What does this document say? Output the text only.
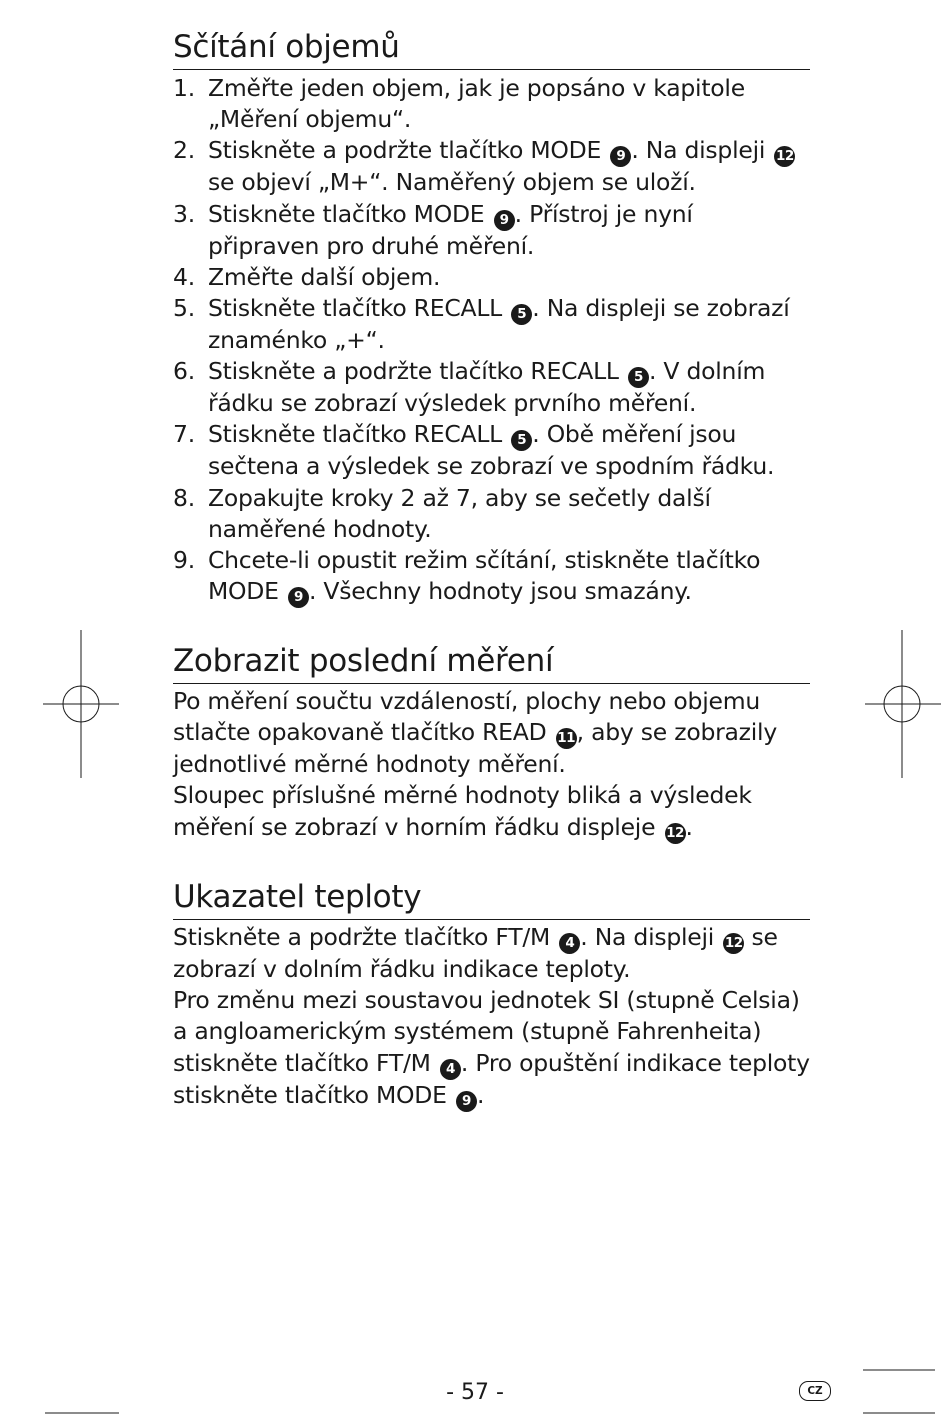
Sčítání objemů
1. Změřte jeden objem, jak je popsáno v kapitole „Měření objemu“.
2. Stiskněte a podržte tlačítko MODE 9 . Na displeji 12 se objeví „M+“. Naměřený objem se uloží.
3. Stiskněte tlačítko MODE 9 . Přístroj je nyní připraven pro druhé měření.
4. Změřte další objem.
5. Stiskněte tlačítko RECALL 5 . Na displeji se zobrazí znaménko „+“.
6. Stiskněte a podržte tlačítko RECALL 5 . V dolním řádku se zobrazí výsledek prvního měření.
7. Stiskněte tlačítko RECALL 5 . Obě měření jsou sečtena a výsledek se zobrazí ve spodním řádku.
8. Zopakujte kroky 2 až 7, aby se sečetly další naměřené hodnoty.
9. Chcete-li opustit režim sčítání, stiskněte tlačítko MODE 9 . Všechny hodnoty jsou smazány.
Zobrazit poslední měření

Po měření součtu vzdáleností, plochy nebo objemu stlačte opakovaně tlačítko READ 11, aby se zobrazily jednotlivé měrné hodnoty měření.

Sloupec příslušné měrné hodnoty bliká a výsledek měření se zobrazí v horním řádku displeje 12.

Ukazatel teploty

Stiskněte a podržte tlačítko FT/M 4 . Na displeji 12 se zobrazí v dolním řádku indikace teploty.

Pro změnu mezi soustavou jednotek SI (stupně Celsia) a angloamerickým systémem (stupně Fahrenheita) stiskněte tlačítko FT/M 4 . Pro opuštění indikace teploty stiskněte tlačítko MODE 9 .

- 57 -	CZ
